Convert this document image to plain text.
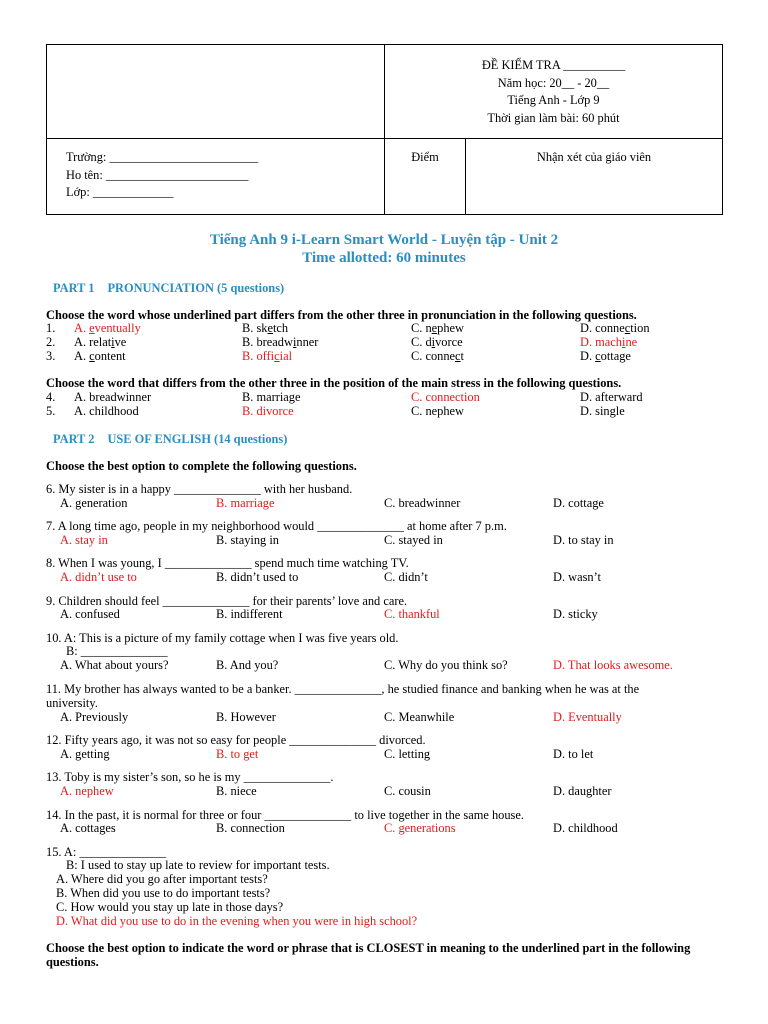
	ĐỀ KIỂM TRA __________
Năm học: 20__ - 20__
Tiếng Anh - Lớp 9
Thời gian làm bài: 60 phút	

Trường: ________________________
Ho tên: _______________________
Lớp: _____________	Điểm	Nhận xét của giáo viên
Tiếng Anh 9 i-Learn Smart World - Luyện tập - Unit 2
Time allotted: 60 minutes
PART 1 PRONUNCIATION (5 questions)
Choose the word whose underlined part differs from the other three in pronunciation in the following questions.
1. A. eventually	B. sketch	C. nephew	D. connection
2. A. relative	B. breadwinner	C. divorce	D. machine
3. A. content	B. official	C. connect	D. cottage
Choose the word that differs from the other three in the position of the main stress in the following questions.
4. A. breadwinner	B. marriage	C. connection	D. afterward
5. A. childhood	B. divorce	C. nephew	D. single
PART 2 USE OF ENGLISH (14 questions)
Choose the best option to complete the following questions.
6. My sister is in a happy ______________ with her husband.
A. generation	B. marriage	C. breadwinner	D. cottage
7. A long time ago, people in my neighborhood would ______________ at home after 7 p.m.
A. stay in	B. staying in	C. stayed in	D. to stay in
8. When I was young, I ______________ spend much time watching TV.
A. didn’t use to	B. didn’t used to	C. didn’t	D. wasn’t
9. Children should feel ______________ for their parents’ love and care.
A. confused	B. indifferent	C. thankful	D. sticky
10. A: This is a picture of my family cottage when I was five years old.
B: ______________
A. What about yours?	B. And you?	C. Why do you think so?	D. That looks awesome.
11. My brother has always wanted to be a banker. ______________, he studied finance and banking when he was at the
university.
A. Previously	B. However	C. Meanwhile	D. Eventually
12. Fifty years ago, it was not so easy for people ______________ divorced.
A. getting	B. to get	C. letting	D. to let
13. Toby is my sister’s son, so he is my ______________.
A. nephew	B. niece	C. cousin	D. daughter
14. In the past, it is normal for three or four ______________ to live together in the same house.
A. cottages	B. connection	C. generations	D. childhood
15. A: ______________
B: I used to stay up late to review for important tests.
A. Where did you go after important tests?
B. When did you use to do important tests?
C. How would you stay up late in those days?
D. What did you use to do in the evening when you were in high school?
Choose the best option to indicate the word or phrase that is CLOSEST in meaning to the underlined part in the following
questions.
